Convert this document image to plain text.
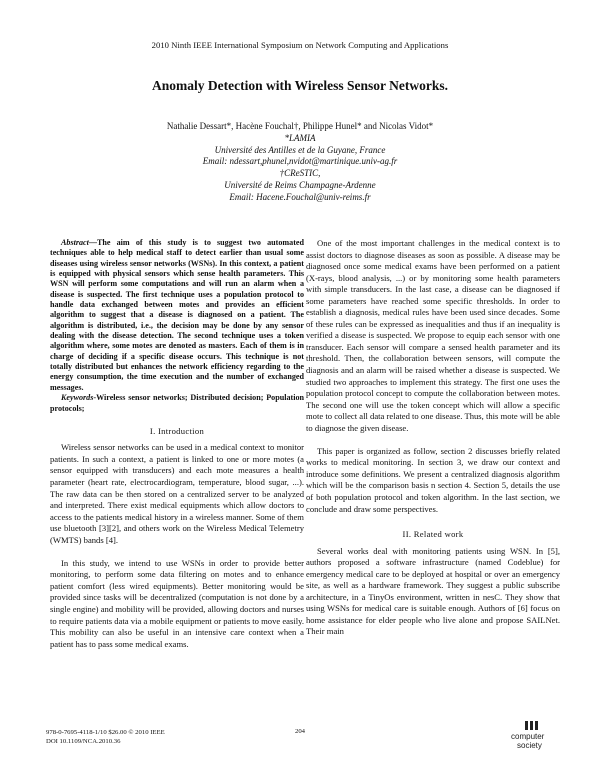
2010 Ninth IEEE International Symposium on Network Computing and Applications
Anomaly Detection with Wireless Sensor Networks.
Nathalie Dessart*, Hacène Fouchal†, Philippe Hunel* and Nicolas Vidot*
*LAMIA
Université des Antilles et de la Guyane, France
Email: ndessart,phunel,nvidot@martinique.univ-ag.fr
†CReSTIC,
Université de Reims Champagne-Ardenne
Email: Hacene.Fouchal@univ-reims.fr

Abstract—The aim of this study is to suggest two automated techniques able to help medical staff to detect earlier than usual some diseases using wireless sensor networks (WSNs). In this context, a patient is equipped with physical sensors which sense health parameters. This WSN will perform some computations and will run an alarm when a disease is suspected. The first technique uses a population protocol to handle data exchanged between motes and provides an efficient algorithm to suggest that a disease is diagnosed on a patient. The algorithm is distributed, i.e., the decision may be done by any sensor dealing with the disease detection. The second technique uses a token algorithm where, some motes are denoted as masters. Each of them is in charge of deciding if a specific disease occurs. This technique is not totally distributed but enhances the network efficiency regarding to the energy consumption, the time execution and the number of exchanged messages.

Keywords-Wireless sensor networks; Distributed decision; Population protocols;

I. Introduction

Wireless sensor networks can be used in a medical context to monitor patients. In such a context, a patient is linked to one or more motes (a sensor equipped with transducers) and each mote measures a health parameter (heart rate, electrocardiogram, temperature, blood sugar, ...). The raw data can be then stored on a centralized server to be analyzed and interpreted. There exist medical equipments which allow doctors to access to the patients medical history in a wireless manner. Some of them use bluetooth [3][2], and others work on the Wireless Medical Telemetry (WMTS) bands [4].

In this study, we intend to use WSNs in order to provide better monitoring, to perform some data filtering on motes and to enhance patient comfort (less wired equipments). Better monitoring would be provided since tasks will be decentralized (computation is not done by a single engine) and mobility will be provided, allowing doctors and nurses to require patients data via a mobile equipment or patients to move easily. This mobility can also be useful in an intensive care context when a patient has to pass some medical exams.

One of the most important challenges in the medical context is to assist doctors to diagnose diseases as soon as possible. A disease may be diagnosed once some medical exams have been performed on a patient (X-rays, blood analysis, ...) or by monitoring some health parameters with simple transducers. In the last case, a disease can be diagnosed if some parameters have reached some specific thresholds. In order to establish a diagnosis, medical rules have been used since decades. Some of these rules can be expressed as inequalities and thus if an inequality is verified a disease is suspected. We propose to equip each sensor with one transducer. Each sensor will compare a sensed health parameter and its threshold. Then, the collaboration between sensors, will compute the diagnosis and an alarm will be raised whether a disease is suspected. We studied two approaches to implement this strategy. The first one uses the population protocol concept to compute the collaboration between motes. The second one will use the token concept which will allow a specific mote to collect all data related to one disease. Thus, this mote will be able to diagnose the given disease.

This paper is organized as follow, section 2 discusses briefly related works to medical monitoring. In section 3, we draw our context and introduce some definitions. We present a centralized diagnosis algorithm which will be the comparison basis n section 4. Section 5, details the use of both population protocol and token algorithm. In the last section, we conclude and draw some perspectives.

II. Related work

Several works deal with monitoring patients using WSN. In [5], authors proposed a software infrastructure (named Codeblue) for emergency medical care to be deployed at hospital or over an emergency site, as well as a hardware framework. They suggest a public subscribe architecture, in a TinyOs environment, written in nesC. They show that using WSNs for medical care is suitable enough. Authors of [6] focus on home assistance for elder people who live alone and propose SAILNet. Their main

978-0-7695-4118-1/10 $26.00 © 2010 IEEE
DOI 10.1109/NCA.2010.36
204
computer
society
